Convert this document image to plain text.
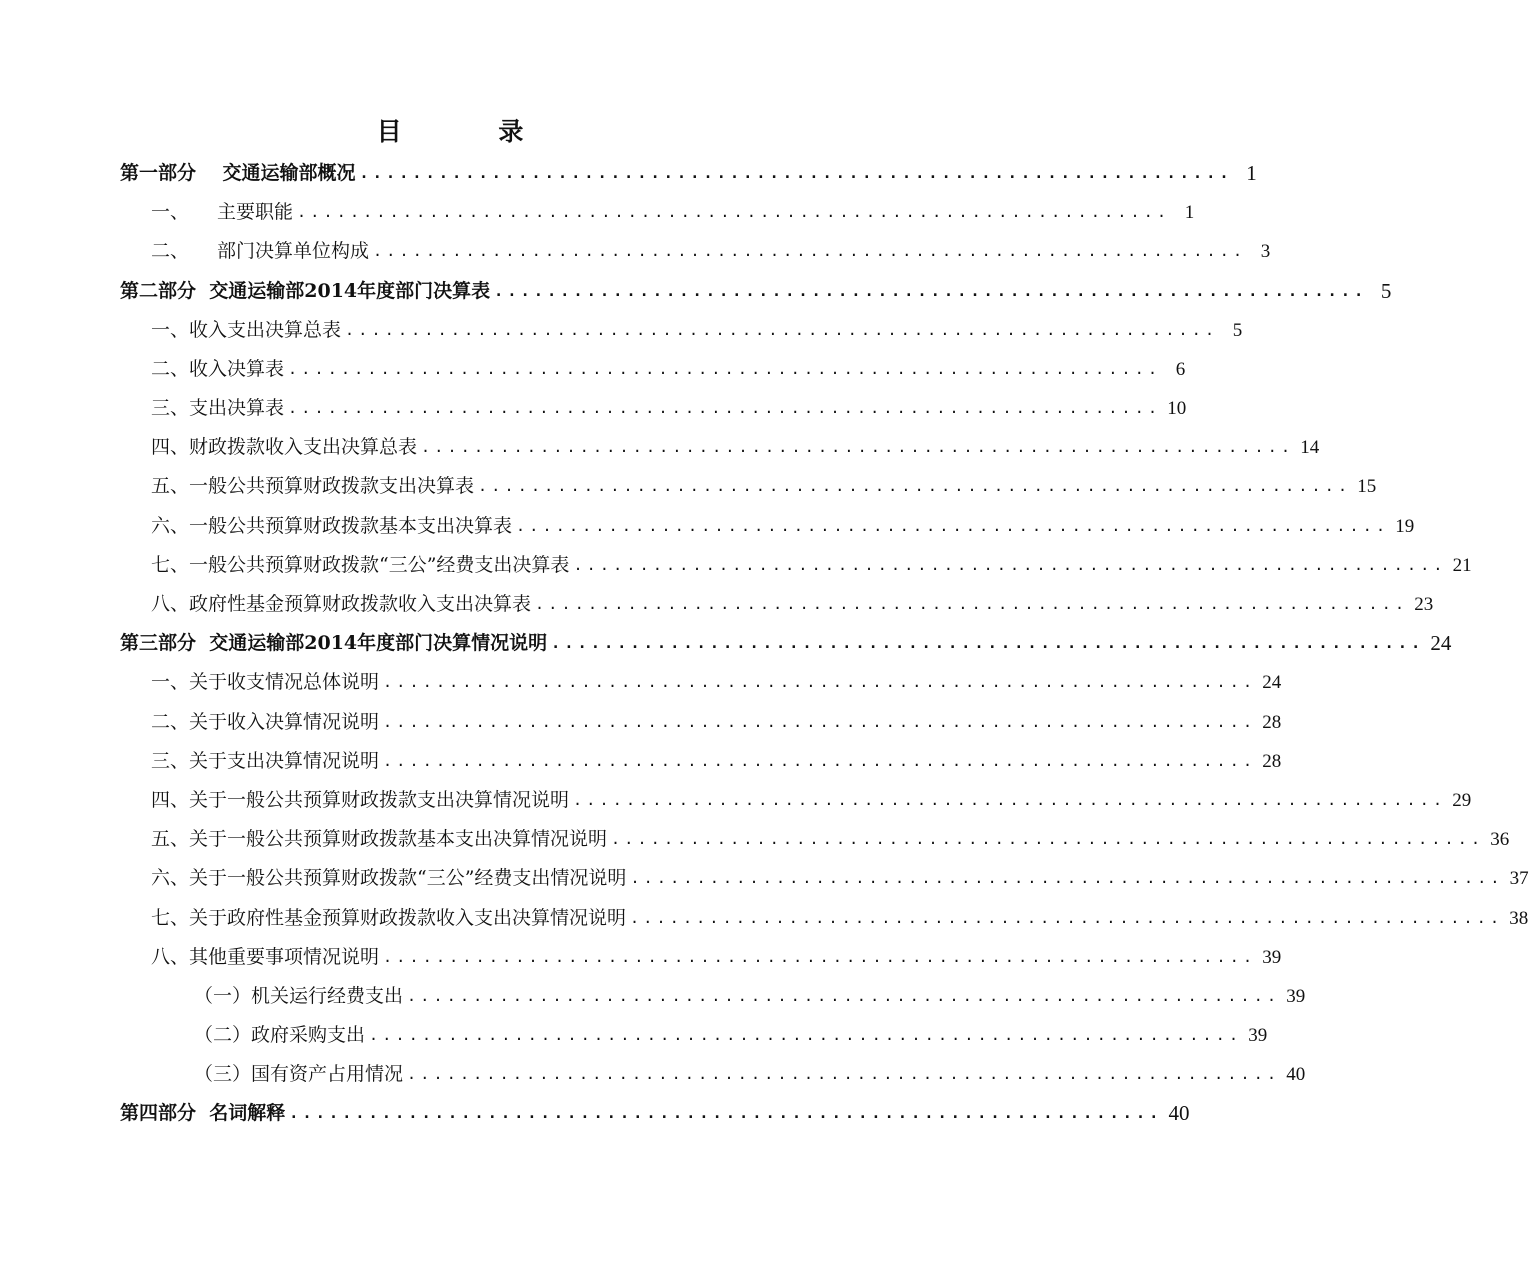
目 录
第一部分 交通运输部概况 .................................................................. 1
一、 主要职能 .................................................................. 1
二、 部门决算单位构成 .................................................................. 3
第二部分 交通运输部2014年度部门决算表 .................................................................. 5
一、收入支出决算总表 .................................................................. 5
二、收入决算表 .................................................................. 6
三、支出决算表 .................................................................. 10
四、财政拨款收入支出决算总表 .................................................................. 14
五、一般公共预算财政拨款支出决算表 .................................................................. 15
六、一般公共预算财政拨款基本支出决算表 .................................................................. 19
七、一般公共预算财政拨款“三公”经费支出决算表 .................................................................. 21
八、政府性基金预算财政拨款收入支出决算表 .................................................................. 23
第三部分 交通运输部2014年度部门决算情况说明 .................................................................. 24
一、关于收支情况总体说明 .................................................................. 24
二、关于收入决算情况说明 .................................................................. 28
三、关于支出决算情况说明 .................................................................. 28
四、关于一般公共预算财政拨款支出决算情况说明 .................................................................. 29
五、关于一般公共预算财政拨款基本支出决算情况说明 .................................................................. 36
六、关于一般公共预算财政拨款“三公”经费支出情况说明 .................................................................. 37
七、关于政府性基金预算财政拨款收入支出决算情况说明 .................................................................. 38
八、其他重要事项情况说明 .................................................................. 39
（一）机关运行经费支出 .................................................................. 39
（二）政府采购支出 .................................................................. 39
（三）国有资产占用情况 .................................................................. 40
第四部分 名词解释 .................................................................. 40
